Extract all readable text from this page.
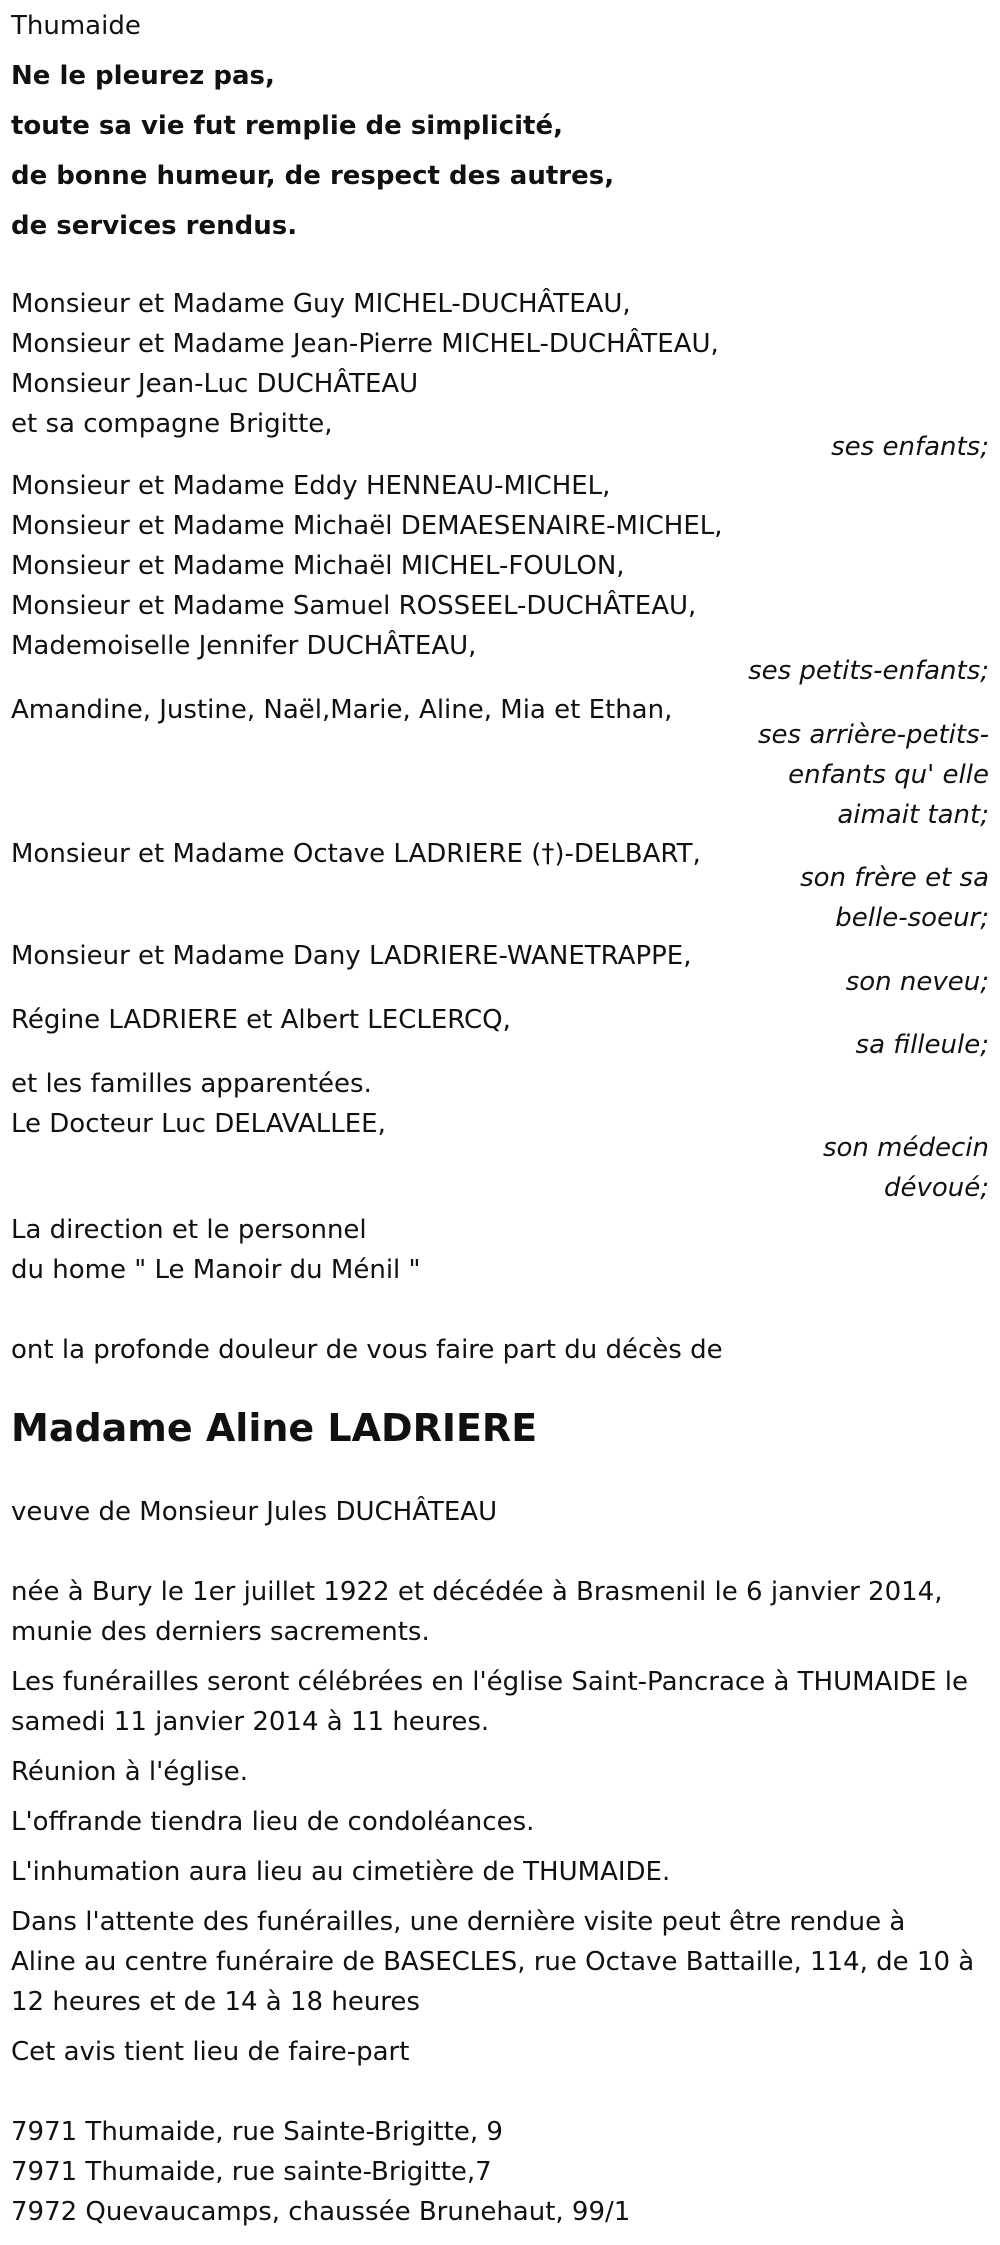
Thumaide
Ne le pleurez pas,
toute sa vie fut remplie de simplicité,
de bonne humeur, de respect des autres,
de services rendus.
Monsieur et Madame Guy MICHEL-DUCHÂTEAU,
Monsieur et Madame Jean-Pierre MICHEL-DUCHÂTEAU,
Monsieur Jean-Luc DUCHÂTEAU
et sa compagne Brigitte,
ses enfants;
Monsieur et Madame Eddy HENNEAU-MICHEL,
Monsieur et Madame Michaël DEMAESENAIRE-MICHEL,
Monsieur et Madame Michaël MICHEL-FOULON,
Monsieur et Madame Samuel ROSSEEL-DUCHÂTEAU,
Mademoiselle Jennifer DUCHÂTEAU,
ses petits-enfants;
Amandine, Justine, Naël,Marie, Aline, Mia et Ethan,
ses arrière-petits-
enfants qu' elle
aimait tant;
Monsieur et Madame Octave LADRIERE (†)-DELBART,
son frère et sa
belle-soeur;
Monsieur et Madame Dany LADRIERE-WANETRAPPE,
son neveu;
Régine LADRIERE et Albert LECLERCQ,
sa filleule;
et les familles apparentées.
Le Docteur Luc DELAVALLEE,
son médecin
dévoué;
La direction et le personnel
du home " Le Manoir du Ménil "
ont la profonde douleur de vous faire part du décès de
Madame Aline LADRIERE
veuve de Monsieur Jules DUCHÂTEAU
née à Bury le 1er juillet 1922 et décédée à Brasmenil le 6 janvier 2014,
munie des derniers sacrements.
Les funérailles seront célébrées en l'église Saint-Pancrace à THUMAIDE le
samedi 11 janvier 2014 à 11 heures.
Réunion à l'église.
L'offrande tiendra lieu de condoléances.
L'inhumation aura lieu au cimetière de THUMAIDE.
Dans l'attente des funérailles, une dernière visite peut être rendue à
Aline au centre funéraire de BASECLES, rue Octave Battaille, 114, de 10 à
12 heures et de 14 à 18 heures
Cet avis tient lieu de faire-part
7971 Thumaide, rue Sainte-Brigitte, 9
7971 Thumaide, rue sainte-Brigitte,7
7972 Quevaucamps, chaussée Brunehaut, 99/1
